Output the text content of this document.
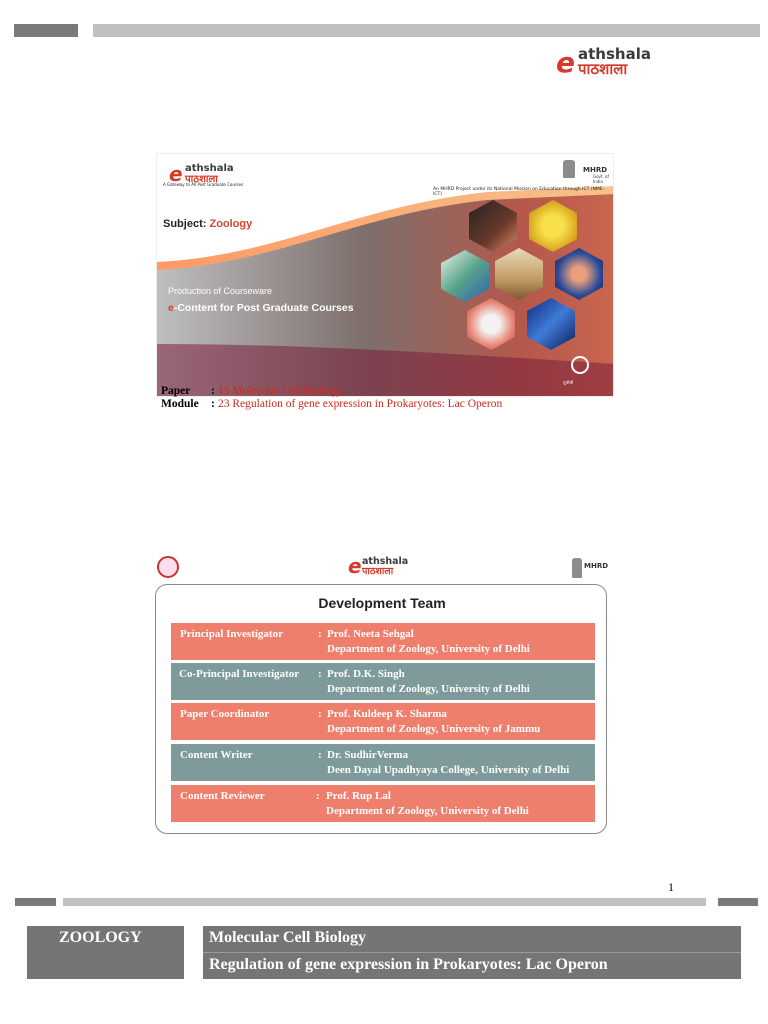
e athshala
पाठशाला
e athshala
पाठशाला
A Gateway to All Post Graduate Courses
MHRD
Govt. of India
An MHRD Project under its National Mission on Education through ICT (NME-ICT)
Subject: Zoology
Production of Courseware
e-Content for Post Graduate Courses
यूजीसी
Paper : 15 Molecular Cell Biology
Module : 23 Regulation of gene expression in Prokaryotes: Lac Operon
e athshala
पाठशाला	MHRD
Development Team
Principal Investigator	: Prof. Neeta Sehgal
Department of Zoology, University of Delhi
Co-Principal Investigator : Prof. D.K. Singh
Department of Zoology, University of Delhi
Paper Coordinator	: Prof. Kuldeep K. Sharma
Department of Zoology, University of Jammu
Content Writer	: Dr. SudhirVerma
Deen Dayal Upadhyaya College, University of Delhi
Content Reviewer	: Prof. Rup Lal
Department of Zoology, University of Delhi
1
ZOOLOGY	Molecular Cell Biology
Regulation of gene expression in Prokaryotes: Lac Operon
